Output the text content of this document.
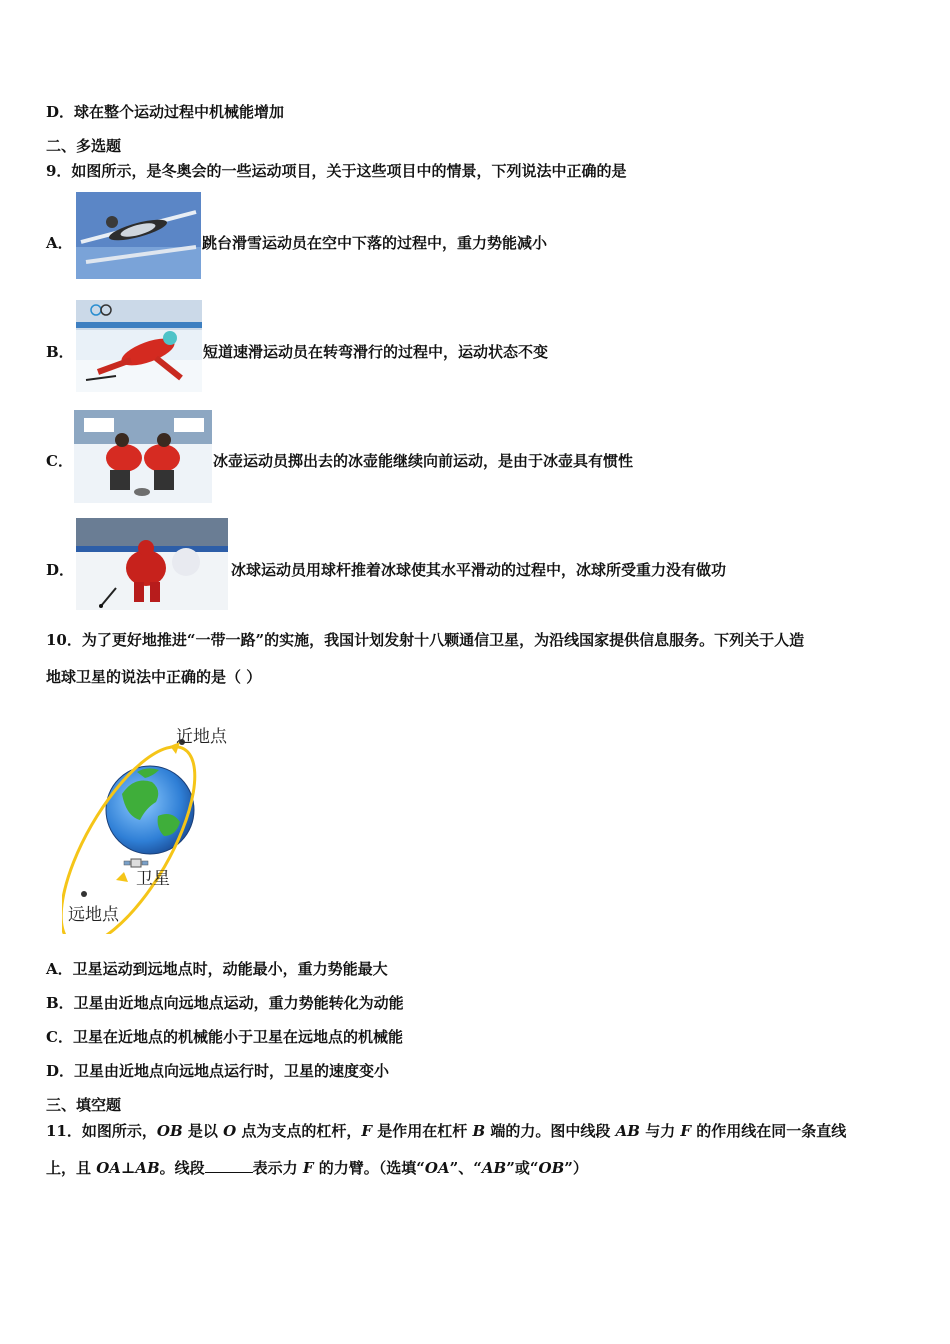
D．球在整个运动过程中机械能增加
二、多选题
9．如图所示，是冬奥会的一些运动项目，关于这些项目中的情景，下列说法中正确的是
A．	跳台滑雪运动员在空中下落的过程中，重力势能减小
B．	短道速滑运动员在转弯滑行的过程中，运动状态不变
C．	冰壶运动员掷出去的冰壶能继续向前运动，是由于冰壶具有惯性
D．	冰球运动员用球杆推着冰球使其水平滑动的过程中，冰球所受重力没有做功
10．为了更好地推进“一带一路”的实施，我国计划发射十八颗通信卫星，为沿线国家提供信息服务。下列关于人造
地球卫星的说法中正确的是（ ）
近地点
卫星
远地点
A．卫星运动到远地点时，动能最小，重力势能最大
B．卫星由近地点向远地点运动，重力势能转化为动能
C．卫星在近地点的机械能小于卫星在远地点的机械能
D．卫星由近地点向远地点运行时，卫星的速度变小
三、填空题
11．如图所示，OB 是以 O 点为支点的杠杆，F 是作用在杠杆 B 端的力。图中线段 AB 与力 F 的作用线在同一条直线
上，且 OA⊥AB。线段	表示力 F 的力臂。（选填“OA”、“AB”或“OB”）
